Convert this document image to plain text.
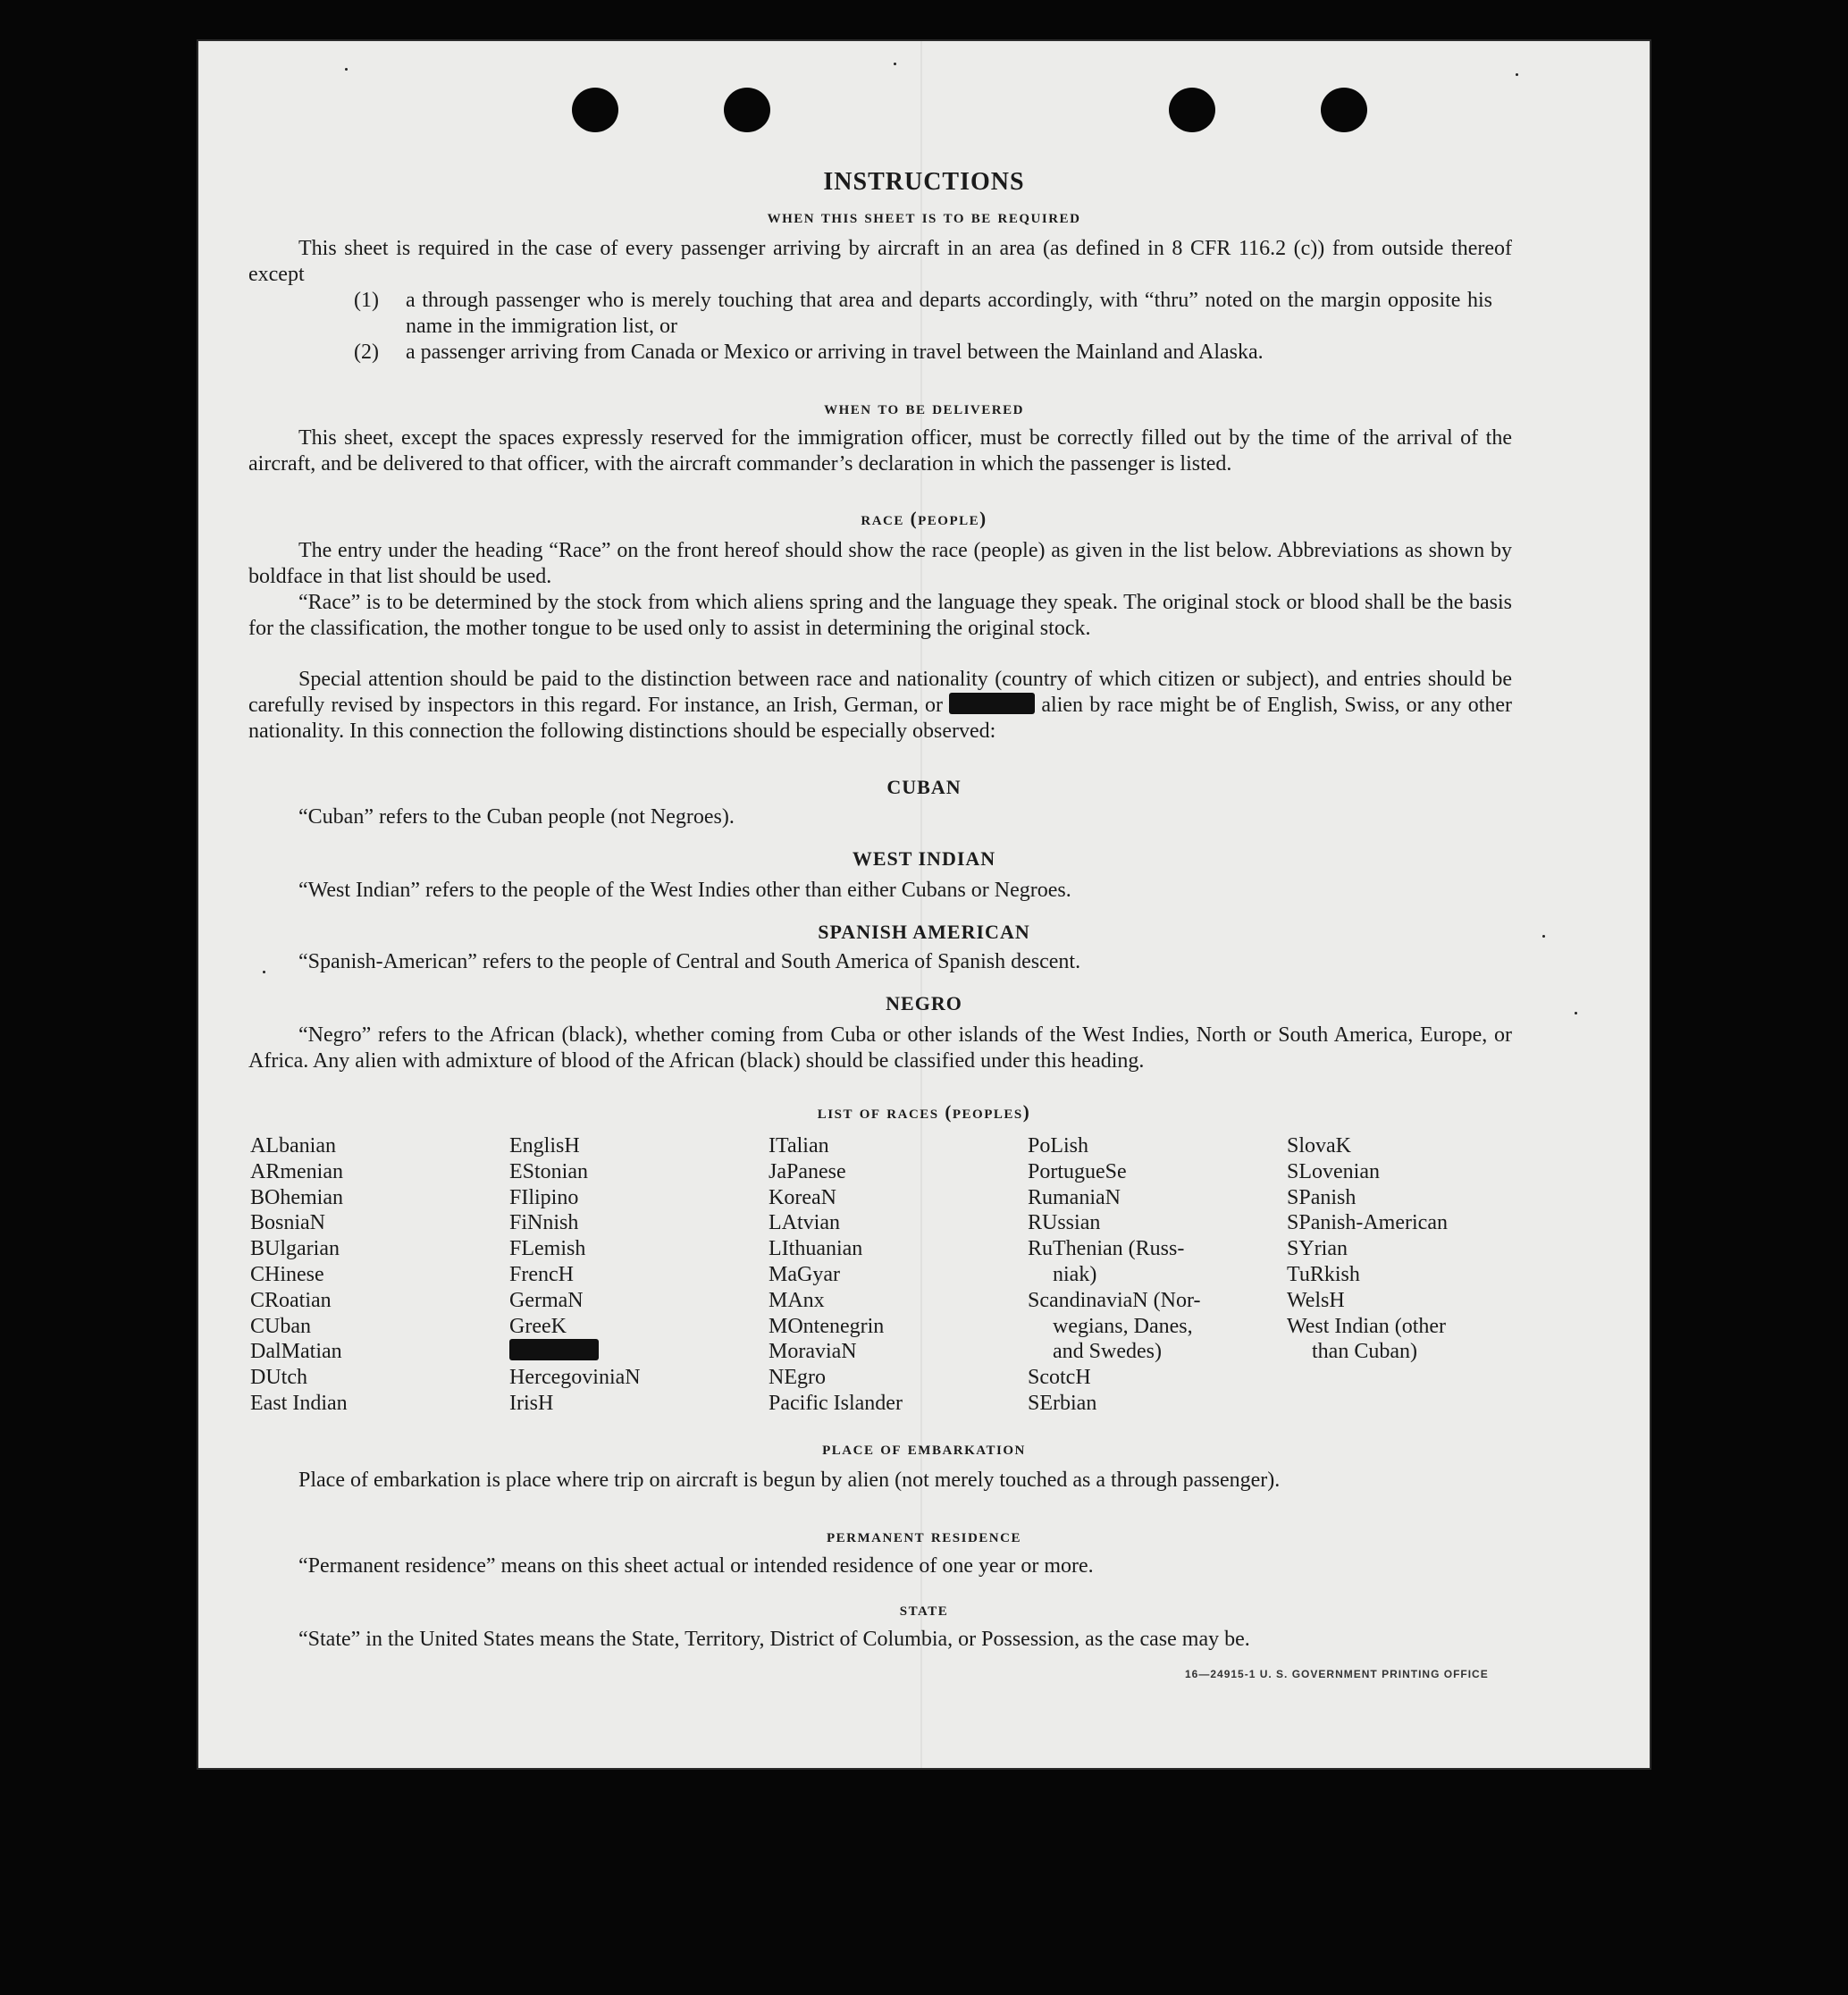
INSTRUCTIONS
when this sheet is to be required
This sheet is required in the case of every passenger arriving by aircraft in an area (as defined in 8 CFR 116.2 (c)) from outside thereof except
(1) a through passenger who is merely touching that area and departs accordingly, with “thru” noted on the margin opposite his name in the immigration list, or
(2) a passenger arriving from Canada or Mexico or arriving in travel between the Mainland and Alaska.
when to be delivered
This sheet, except the spaces expressly reserved for the immigration officer, must be correctly filled out by the time of the arrival of the aircraft, and be delivered to that officer, with the aircraft commander’s declaration in which the passenger is listed.
race (people)
The entry under the heading “Race” on the front hereof should show the race (people) as given in the list below. Abbreviations as shown by boldface in that list should be used.
“Race” is to be determined by the stock from which aliens spring and the language they speak. The original stock or blood shall be the basis for the classification, the mother tongue to be used only to assist in determining the original stock.
Special attention should be paid to the distinction between race and nationality (country of which citizen or subject), and entries should be carefully revised by inspectors in this regard. For instance, an Irish, German, or	alien by race might be of English, Swiss, or any other nationality. In this connection the following distinctions should be especially observed:
CUBAN
“Cuban” refers to the Cuban people (not Negroes).
WEST INDIAN
“West Indian” refers to the people of the West Indies other than either Cubans or Negroes.
SPANISH AMERICAN
“Spanish-American” refers to the people of Central and South America of Spanish descent.
NEGRO
“Negro” refers to the African (black), whether coming from Cuba or other islands of the West Indies, North or South America, Europe, or Africa. Any alien with admixture of blood of the African (black) should be classified under this heading.
list of races (peoples)
ALbanian
ARmenian
BOhemian
BosniaN
BUlgarian
CHinese
CRoatian
CUban
DalMatian
DUtch
East Indian
EnglisH
EStonian
FIlipino
FiNnish
FLemish
FrencH
GermaN
GreeK
HercegoviniaN
IrisH
ITalian
JaPanese
KoreaN
LAtvian
LIthuanian
MaGyar
MAnx
MOntenegrin
MoraviaN
NEgro
Pacific Islander
PoLish
PortugueSe
RumaniaN
RUssian
RuThenian (Russ-
niak)
ScandinaviaN (Nor-
wegians, Danes,
and Swedes)
ScotcH
SErbian
SlovaK
SLovenian
SPanish
SPanish-American
SYrian
TuRkish
WelsH
West Indian (other
than Cuban)
place of embarkation
Place of embarkation is place where trip on aircraft is begun by alien (not merely touched as a through passenger).
permanent residence
“Permanent residence” means on this sheet actual or intended residence of one year or more.
state
“State” in the United States means the State, Territory, District of Columbia, or Possession, as the case may be.
16—24915-1 U. S. GOVERNMENT PRINTING OFFICE
